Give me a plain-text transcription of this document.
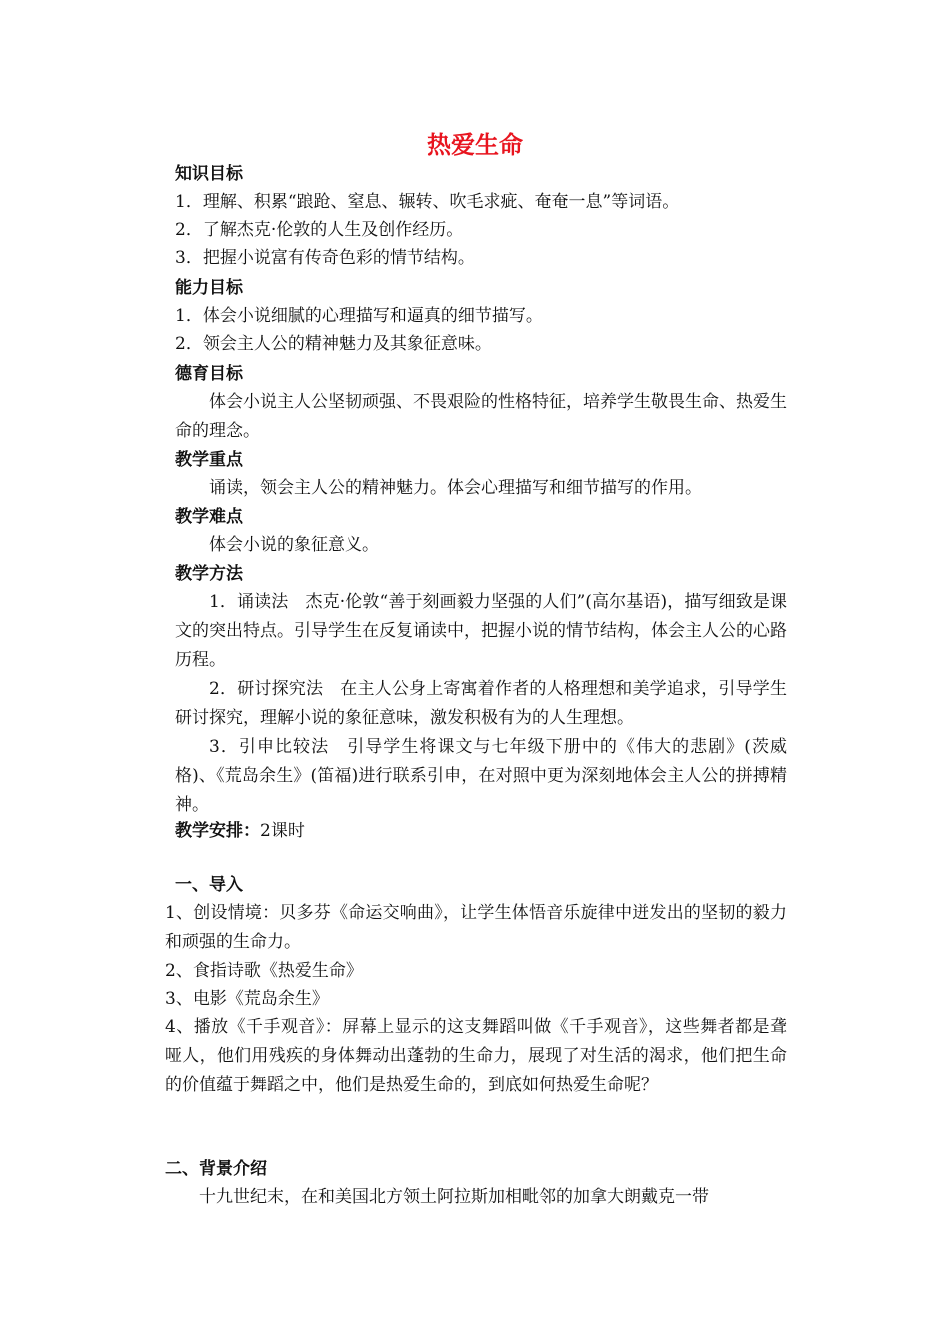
热爱生命
知识目标
1．理解、积累“踉跄、窒息、辗转、吹毛求疵、奄奄一息”等词语。
2．了解杰克·伦敦的人生及创作经历。
3．把握小说富有传奇色彩的情节结构。
能力目标
1．体会小说细腻的心理描写和逼真的细节描写。
2．领会主人公的精神魅力及其象征意味。
德育目标
体会小说主人公坚韧顽强、不畏艰险的性格特征，培养学生敬畏生命、热爱生命的理念。
教学重点
诵读，领会主人公的精神魅力。体会心理描写和细节描写的作用。
教学难点
体会小说的象征意义。
教学方法
1．诵读法　杰克·伦敦“善于刻画毅力坚强的人们”(高尔基语)，描写细致是课文的突出特点。引导学生在反复诵读中，把握小说的情节结构，体会主人公的心路历程。
2．研讨探究法　在主人公身上寄寓着作者的人格理想和美学追求，引导学生研讨探究，理解小说的象征意味，激发积极有为的人生理想。
3．引申比较法　引导学生将课文与七年级下册中的《伟大的悲剧》(茨威格)、《荒岛余生》(笛福)进行联系引申，在对照中更为深刻地体会主人公的拼搏精神。
教学安排：2课时
一、导入
1、创设情境：贝多芬《命运交响曲》，让学生体悟音乐旋律中迸发出的坚韧的毅力和顽强的生命力。
2、食指诗歌《热爱生命》
3、电影《荒岛余生》
4、播放《千手观音》：屏幕上显示的这支舞蹈叫做《千手观音》，这些舞者都是聋哑人，他们用残疾的身体舞动出蓬勃的生命力，展现了对生活的渴求，他们把生命的价值蕴于舞蹈之中，他们是热爱生命的，到底如何热爱生命呢？
二、背景介绍
十九世纪末，在和美国北方领土阿拉斯加相毗邻的加拿大朗戴克一带
